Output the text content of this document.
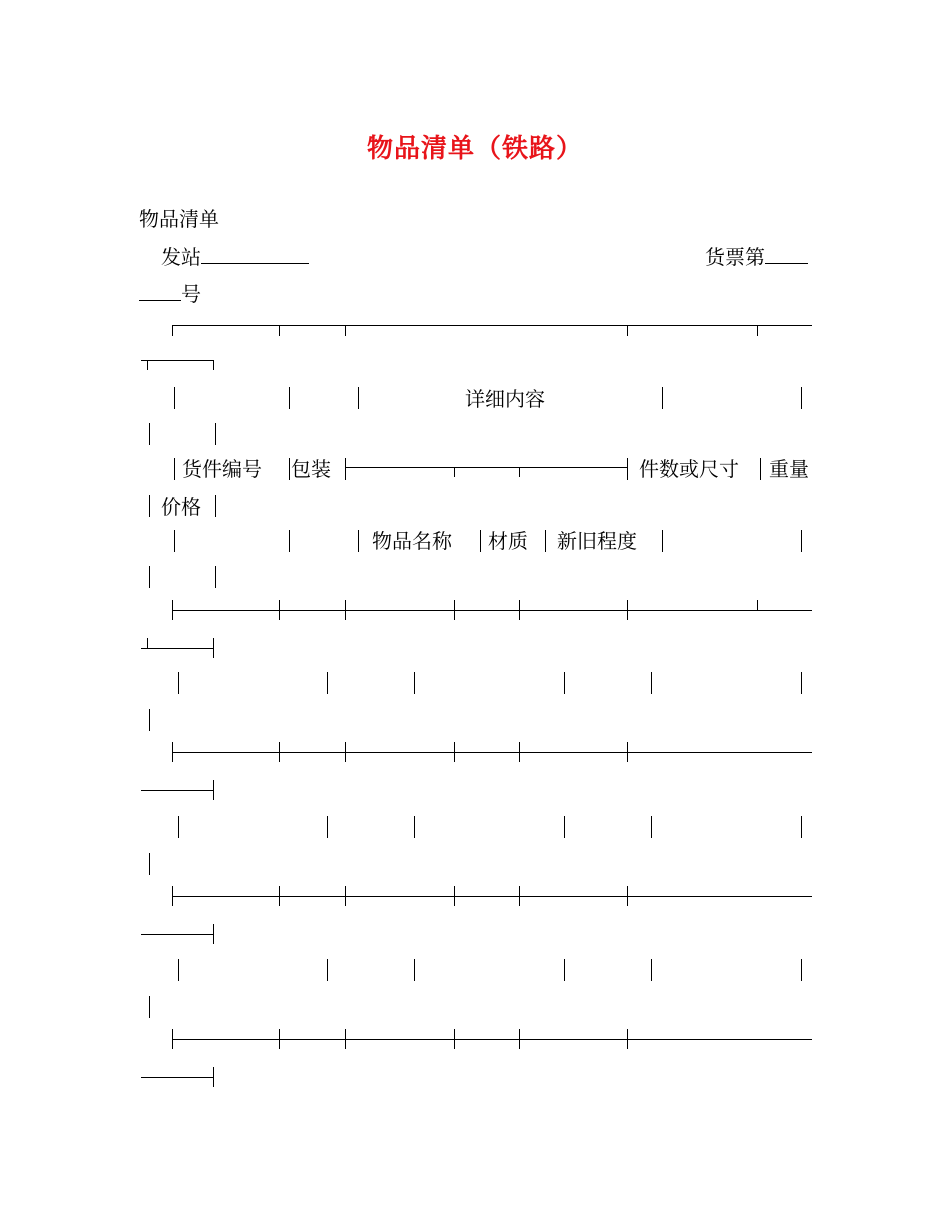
物品清单（铁路）
物品清单
发站	货票第
号
详细内容
货件编号 包装	件数或尺寸 重量
价格
物品名称 材质 新旧程度
